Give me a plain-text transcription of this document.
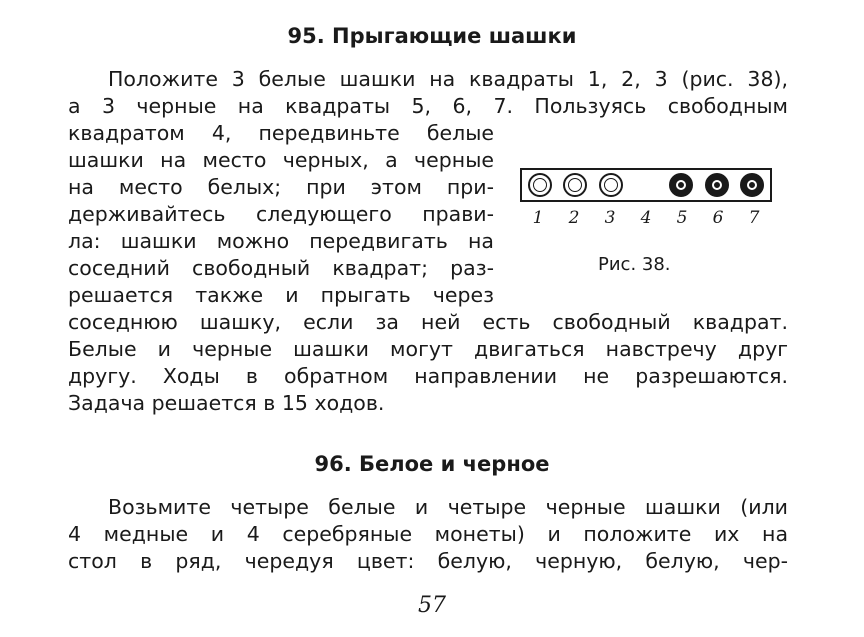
95. Прыгающие шашки
Положите 3 белые шашки на квадраты 1, 2, 3 (рис. 38),
а 3 черные на квадраты 5, 6, 7. Пользуясь свободным
квадратом 4, передвиньте белые
шашки на место черных, а черные
на место белых; при этом при-
держивайтесь следующего прави-
ла: шашки можно передвигать на
соседний свободный квадрат; раз-
решается также и прыгать через
соседнюю шашку, если за ней есть свободный квадрат.
Белые и черные шашки могут двигаться навстречу друг
другу. Ходы в обратном направлении не разрешаются.
Задача решается в 15 ходов.
1	2	3	4	5	6	7
Рис. 38.
96. Белое и черное
Возьмите четыре белые и четыре черные шашки (или
4 медные и 4 серебряные монеты) и положите их на
стол в ряд, чередуя цвет: белую, черную, белую, чер-
57
